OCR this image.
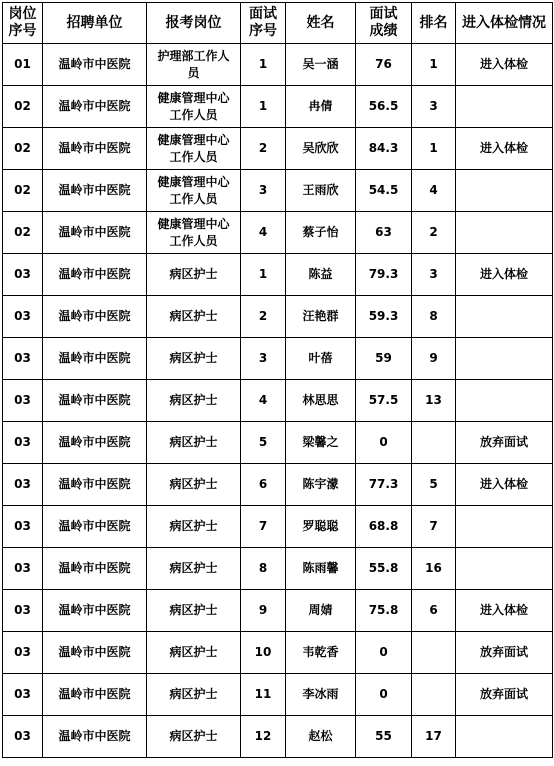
岗位序号	招聘单位	报考岗位	面试序号	姓名	面试成绩	排名	进入体检情况
01	温岭市中医院	护理部工作人员	1	吴一涵	76	1	进入体检
02	温岭市中医院	健康管理中心工作人员	1	冉倩	56.5	3	
02	温岭市中医院	健康管理中心工作人员	2	吴欣欣	84.3	1	进入体检
02	温岭市中医院	健康管理中心工作人员	3	王雨欣	54.5	4	
02	温岭市中医院	健康管理中心工作人员	4	蔡子怡	63	2	
03	温岭市中医院	病区护士	1	陈益	79.3	3	进入体检
03	温岭市中医院	病区护士	2	汪艳群	59.3	8	
03	温岭市中医院	病区护士	3	叶蓓	59	9	
03	温岭市中医院	病区护士	4	林思思	57.5	13	
03	温岭市中医院	病区护士	5	梁馨之	0		放弃面试
03	温岭市中医院	病区护士	6	陈宇濛	77.3	5	进入体检
03	温岭市中医院	病区护士	7	罗聪聪	68.8	7	
03	温岭市中医院	病区护士	8	陈雨馨	55.8	16	
03	温岭市中医院	病区护士	9	周婧	75.8	6	进入体检
03	温岭市中医院	病区护士	10	韦乾香	0		放弃面试
03	温岭市中医院	病区护士	11	李冰雨	0		放弃面试
03	温岭市中医院	病区护士	12	赵松	55	17	
